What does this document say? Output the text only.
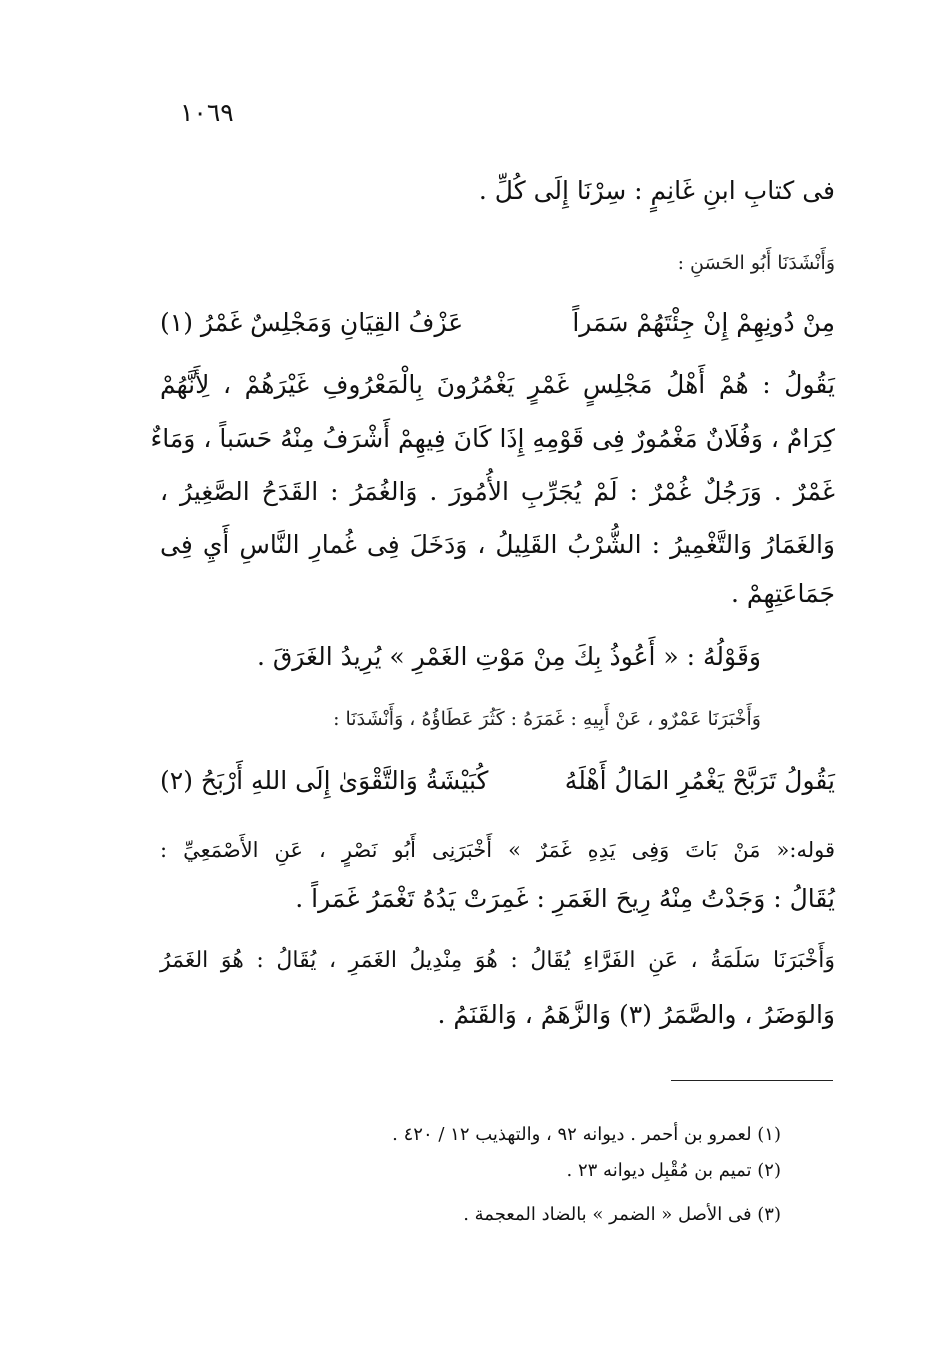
١٠٦٩
فى كتابِ ابنِ غَانِمٍ : سِرْنَا إِلَى كُلِّ .
وَأَنْشَدَنَا أَبُو الحَسَنِ :
مِنْ دُونِهِمْ إِنْ جِئْتَهُمْ سَمَراً
عَزْفُ القِيَانِ وَمَجْلِسٌ غَمْرُ (١)
يَقُولُ : هُمْ أَهْلُ مَجْلِسٍ غَمْرٍ يَغْمُرُونَ بِالْمَعْرُوفِ غَيْرَهُمْ ، لِأَنَّهُمْ
كِرَامٌ ، وَفُلَانٌ مَغْمُورٌ فِى قَوْمِهِ إِذَا كَانَ فِيهِمْ أَشْرَفُ مِنْهُ حَسَباً ، وَمَاءٌ
غَمْرٌ . وَرَجُلٌ غُمْرٌ : لَمْ يُجَرِّبِ الأُمُورَ . وَالغُمَرُ : القَدَحُ الصَّغِيرُ ،
وَالغَمَارُ وَالتَّغْمِيرُ : الشُّرْبُ القَلِيلُ ، وَدَخَلَ فِى غُمارِ النَّاسِ أَيِ فِى
جَمَاعَتِهِمْ .
وَقَوْلُهُ : « أَعُوذُ بِكَ مِنْ مَوْتِ الغَمْرِ » يُرِيدُ الغَرَقَ .
وَأَخْبَرَنَا عَمْرٌو ، عَنْ أَبِيهِ : غَمَرَهُ : كَثُرَ عَطَاؤُهُ ، وَأَنْشَدَنَا :
يَقُولُ تَرَبَّحْ يَغْمُرِ المَالُ أَهْلَهُ
كُبَيْشَةُ وَالتَّقْوَىٰ إِلَى اللهِ أَرْبَحُ (٢)
قوله:« مَنْ بَاتَ وَفِى يَدِهِ غَمَرٌ » أَخْبَرَنِى أَبُو نَصْرٍ ، عَنِ الأَصْمَعِيِّ :
يُقَالُ : وَجَدْتُ مِنْهُ رِيحَ الغَمَرِ : غَمِرَتْ يَدُهُ تَغْمَرُ غَمَراً .
وَأَخْبَرَنَا سَلَمَةُ ، عَنِ الفَرَّاءِ يُقَالُ : هُوَ مِنْدِيلُ الغَمَرِ ، يُقَالُ : هُوَ الغَمَرُ
وَالوَضَرُ ، والصَّمَرُ (٣) وَالزَّهَمُ ، وَالقَنَمُ .
(١) لعمرو بن أحمر . ديوانه ٩٢ ، والتهذيب ١٢ / ٤٢٠ .
(٢) تميم بن مُقْبِل ديوانه ٢٣ .
(٣) فى الأصل « الضمر » بالضاد المعجمة .
